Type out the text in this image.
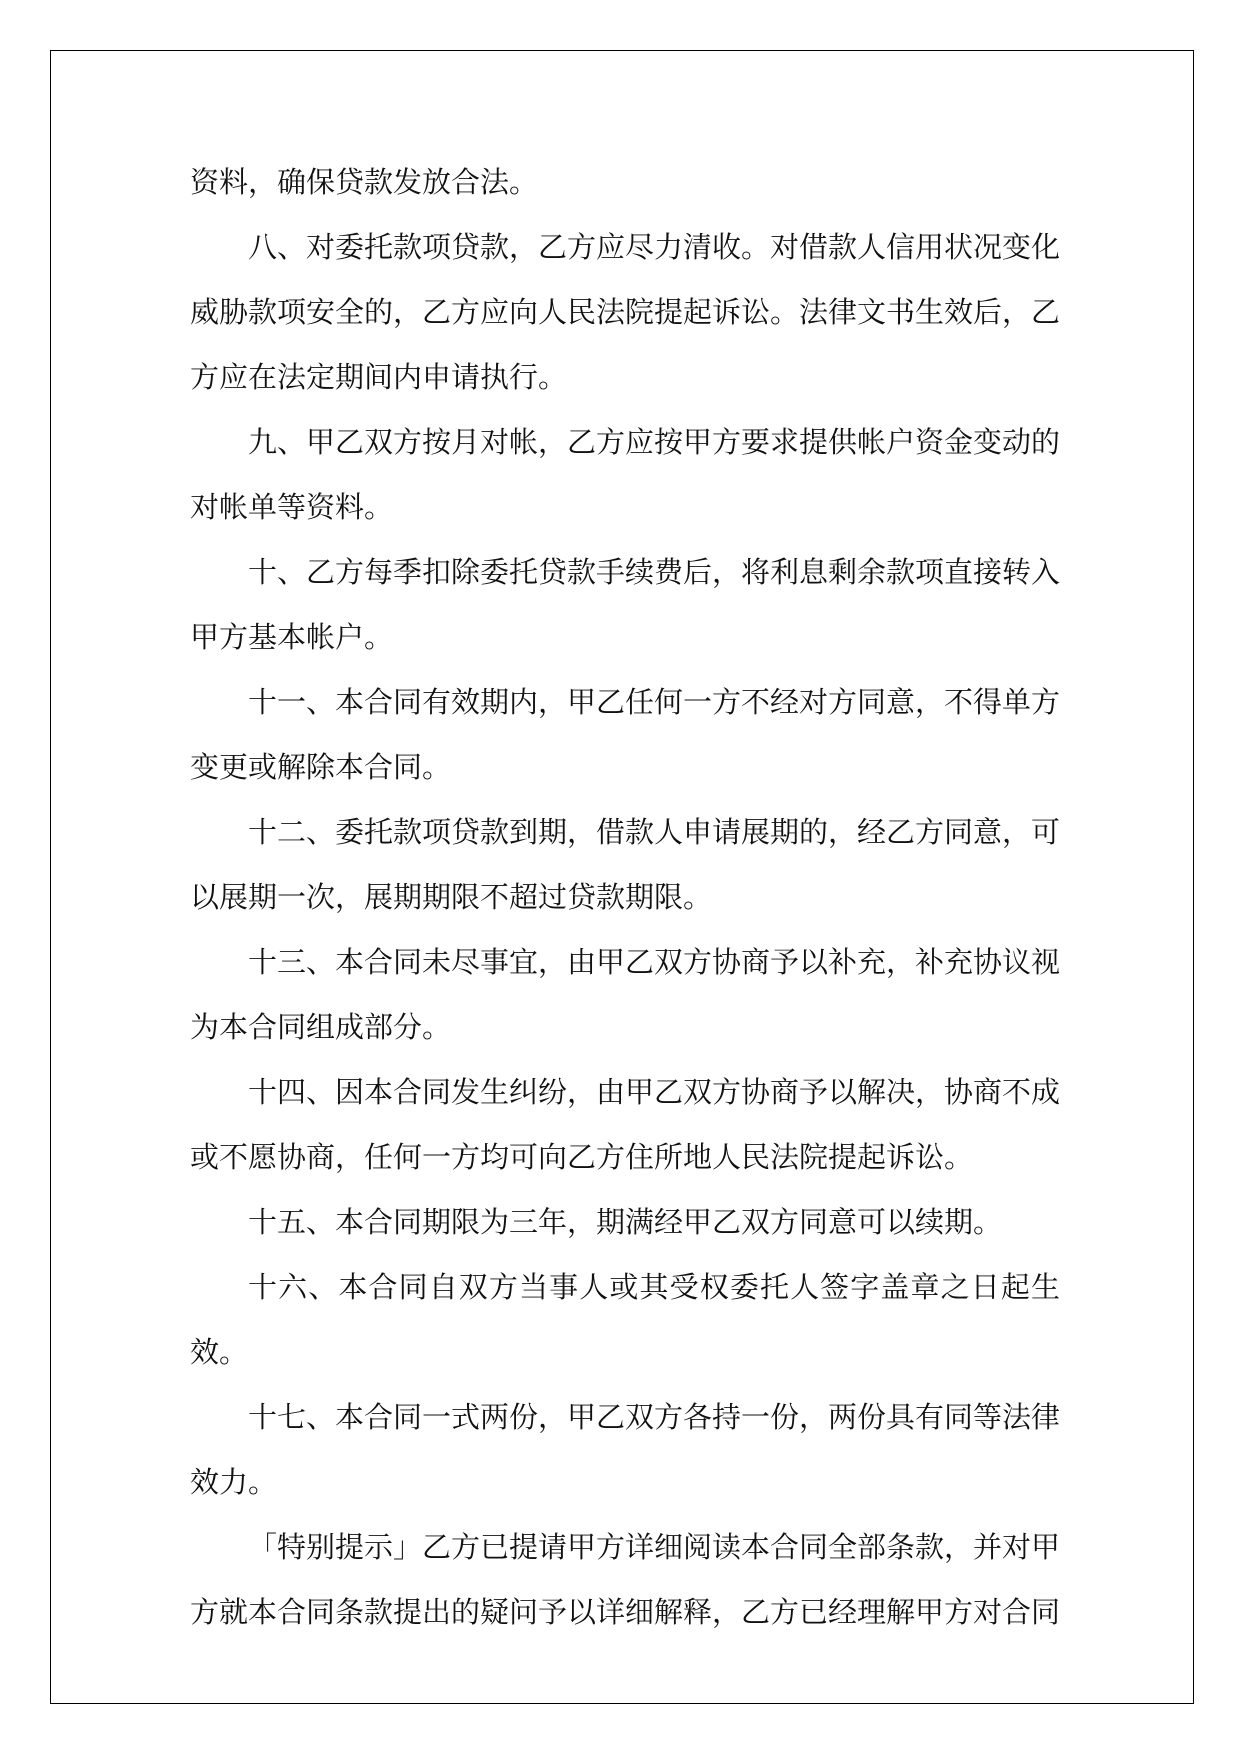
资料，确保贷款发放合法。

八、对委托款项贷款，乙方应尽力清收。对借款人信用状况变化威胁款项安全的，乙方应向人民法院提起诉讼。法律文书生效后，乙方应在法定期间内申请执行。

九、甲乙双方按月对帐，乙方应按甲方要求提供帐户资金变动的对帐单等资料。

十、乙方每季扣除委托贷款手续费后，将利息剩余款项直接转入甲方基本帐户。

十一、本合同有效期内，甲乙任何一方不经对方同意，不得单方变更或解除本合同。

十二、委托款项贷款到期，借款人申请展期的，经乙方同意，可以展期一次，展期期限不超过贷款期限。

十三、本合同未尽事宜，由甲乙双方协商予以补充，补充协议视为本合同组成部分。

十四、因本合同发生纠纷，由甲乙双方协商予以解决，协商不成或不愿协商，任何一方均可向乙方住所地人民法院提起诉讼。

十五、本合同期限为三年，期满经甲乙双方同意可以续期。

十六、本合同自双方当事人或其受权委托人签字盖章之日起生效。

十七、本合同一式两份，甲乙双方各持一份，两份具有同等法律效力。

「特别提示」乙方已提请甲方详细阅读本合同全部条款，并对甲方就本合同条款提出的疑问予以详细解释，乙方已经理解甲方对合同
